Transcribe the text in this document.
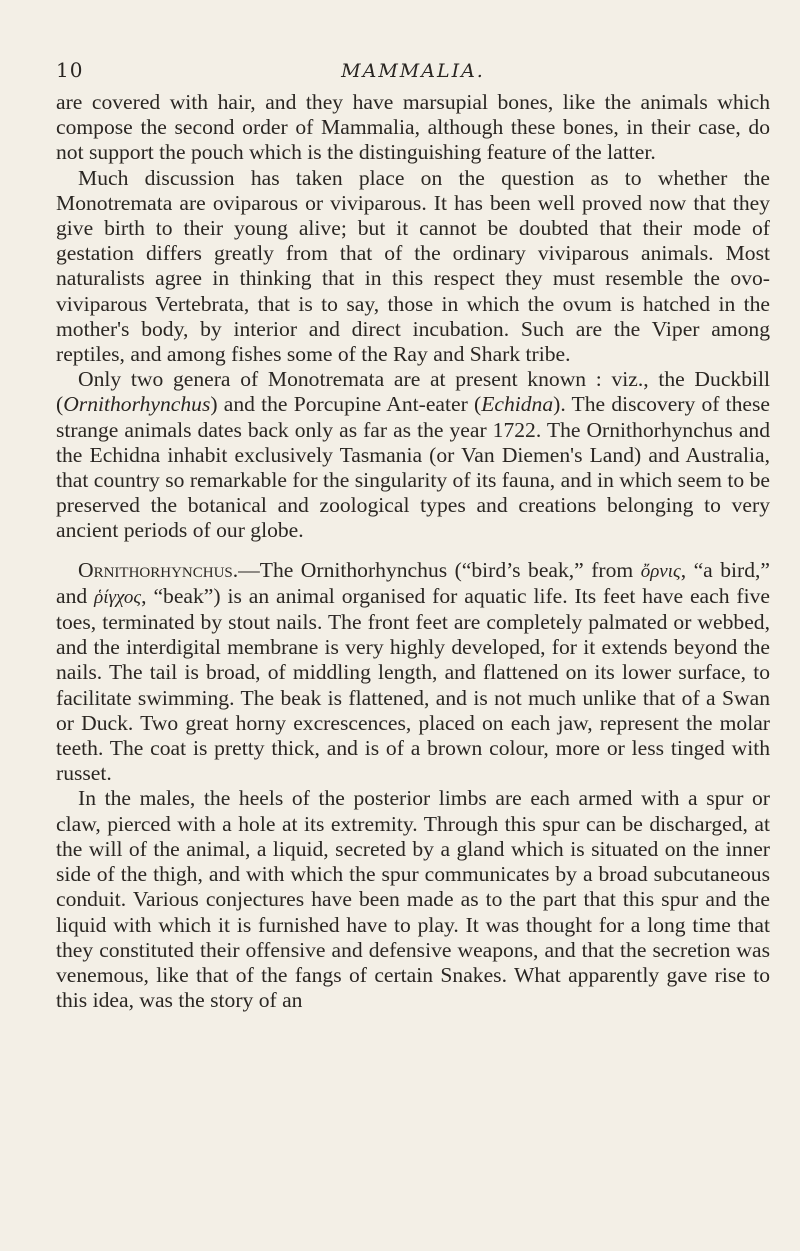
10	MAMMALIA.

are covered with hair, and they have marsupial bones, like the animals which compose the second order of Mammalia, although these bones, in their case, do not support the pouch which is the distinguishing feature of the latter.

Much discussion has taken place on the question as to whether the Monotremata are oviparous or viviparous. It has been well proved now that they give birth to their young alive; but it cannot be doubted that their mode of gestation differs greatly from that of the ordinary viviparous animals. Most naturalists agree in thinking that in this respect they must resemble the ovo-viviparous Vertebrata, that is to say, those in which the ovum is hatched in the mother's body, by interior and direct incubation. Such are the Viper among reptiles, and among fishes some of the Ray and Shark tribe.

Only two genera of Monotremata are at present known : viz., the Duckbill (Ornithorhynchus) and the Porcupine Ant-eater (Echidna). The discovery of these strange animals dates back only as far as the year 1722. The Ornithorhynchus and the Echidna inhabit exclusively Tasmania (or Van Diemen's Land) and Australia, that country so remarkable for the singularity of its fauna, and in which seem to be preserved the botanical and zoological types and creations belonging to very ancient periods of our globe.

Ornithorhynchus.—The Ornithorhynchus (“bird’s beak,” from ὄρνις, “a bird,” and ῥίγχος, “beak”) is an animal organised for aquatic life. Its feet have each five toes, terminated by stout nails. The front feet are completely palmated or webbed, and the interdigital membrane is very highly developed, for it extends beyond the nails. The tail is broad, of middling length, and flattened on its lower surface, to facilitate swimming. The beak is flattened, and is not much unlike that of a Swan or Duck. Two great horny excrescences, placed on each jaw, represent the molar teeth. The coat is pretty thick, and is of a brown colour, more or less tinged with russet.

In the males, the heels of the posterior limbs are each armed with a spur or claw, pierced with a hole at its extremity. Through this spur can be discharged, at the will of the animal, a liquid, secreted by a gland which is situated on the inner side of the thigh, and with which the spur communicates by a broad subcutaneous conduit. Various conjectures have been made as to the part that this spur and the liquid with which it is furnished have to play. It was thought for a long time that they constituted their offensive and defensive weapons, and that the secretion was venemous, like that of the fangs of certain Snakes. What apparently gave rise to this idea, was the story of an
